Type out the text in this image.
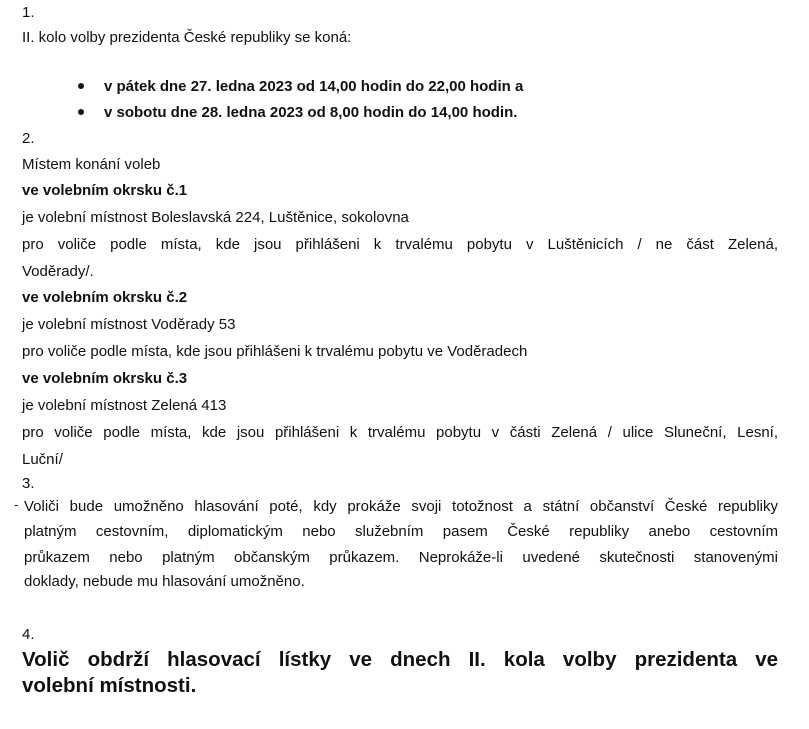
1.
II. kolo volby prezidenta České republiky se koná:
v pátek dne 27. ledna 2023 od 14,00 hodin do 22,00 hodin a
v sobotu dne 28. ledna 2023 od 8,00 hodin do 14,00 hodin.
2.
Místem konání voleb
ve volebním okrsku č.1
je volební místnost Boleslavská 224, Luštěnice, sokolovna
pro voliče podle místa, kde jsou přihlášeni k trvalému pobytu v Luštěnicích / ne část Zelená,
Voděrady/.
ve volebním okrsku č.2
je volební místnost Voděrady 53
pro voliče podle místa, kde jsou přihlášeni k trvalému pobytu ve Voděradech
ve volebním okrsku č.3
je volební místnost Zelená 413
pro voliče podle místa, kde jsou přihlášeni k trvalému pobytu v části Zelená / ulice Sluneční, Lesní,
Luční/
3.
- Voliči bude umožněno hlasování poté, kdy prokáže svoji totožnost a státní občanství České republiky
platným cestovním, diplomatickým nebo služebním pasem České republiky anebo cestovním
průkazem nebo platným občanským průkazem. Neprokáže-li uvedené skutečnosti stanovenými
doklady, nebude mu hlasování umožněno.
4.
Volič obdrží hlasovací lístky ve dnech II. kola volby prezidenta ve
volební místnosti.
